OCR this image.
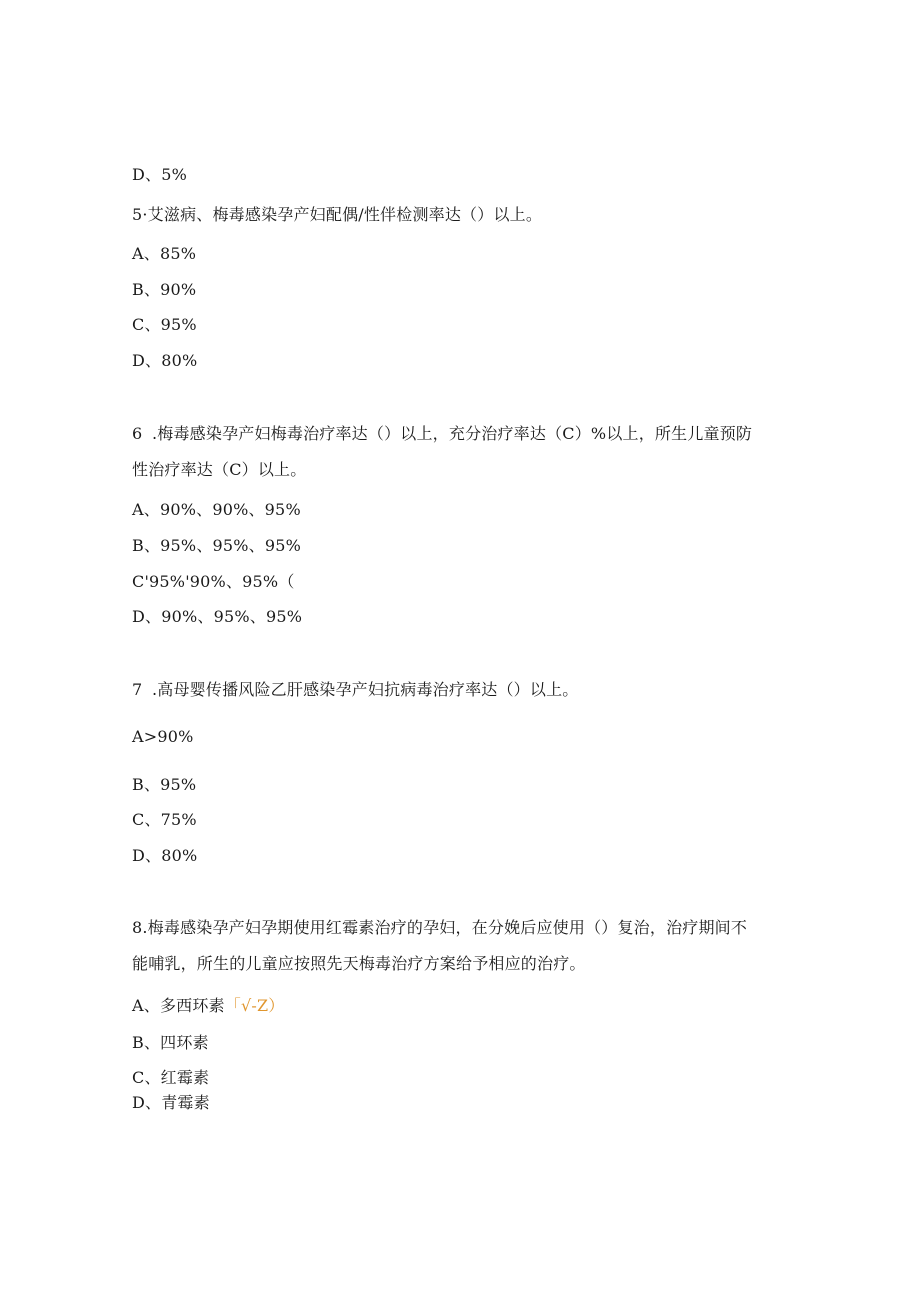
D、5%
5·艾滋病、梅毒感染孕产妇配偶/性伴检测率达（）以上。
A、85%
B、90%
C、95%
D、80%
6 .梅毒感染孕产妇梅毒治疗率达（）以上，充分治疗率达（C）%以上，所生儿童预防
性治疗率达（C）以上。
A、90%、90%、95%
B、95%、95%、95%
C'95%'90%、95%（
D、90%、95%、95%
7 .高母婴传播风险乙肝感染孕产妇抗病毒治疗率达（）以上。
A>90%
B、95%
C、75%
D、80%
8.梅毒感染孕产妇孕期使用红霉素治疗的孕妇，在分娩后应使用（）复治，治疗期间不
能哺乳，所生的儿童应按照先天梅毒治疗方案给予相应的治疗。
A、多西环素「√-Z）
B、四环素
C、红霉素
D、青霉素
